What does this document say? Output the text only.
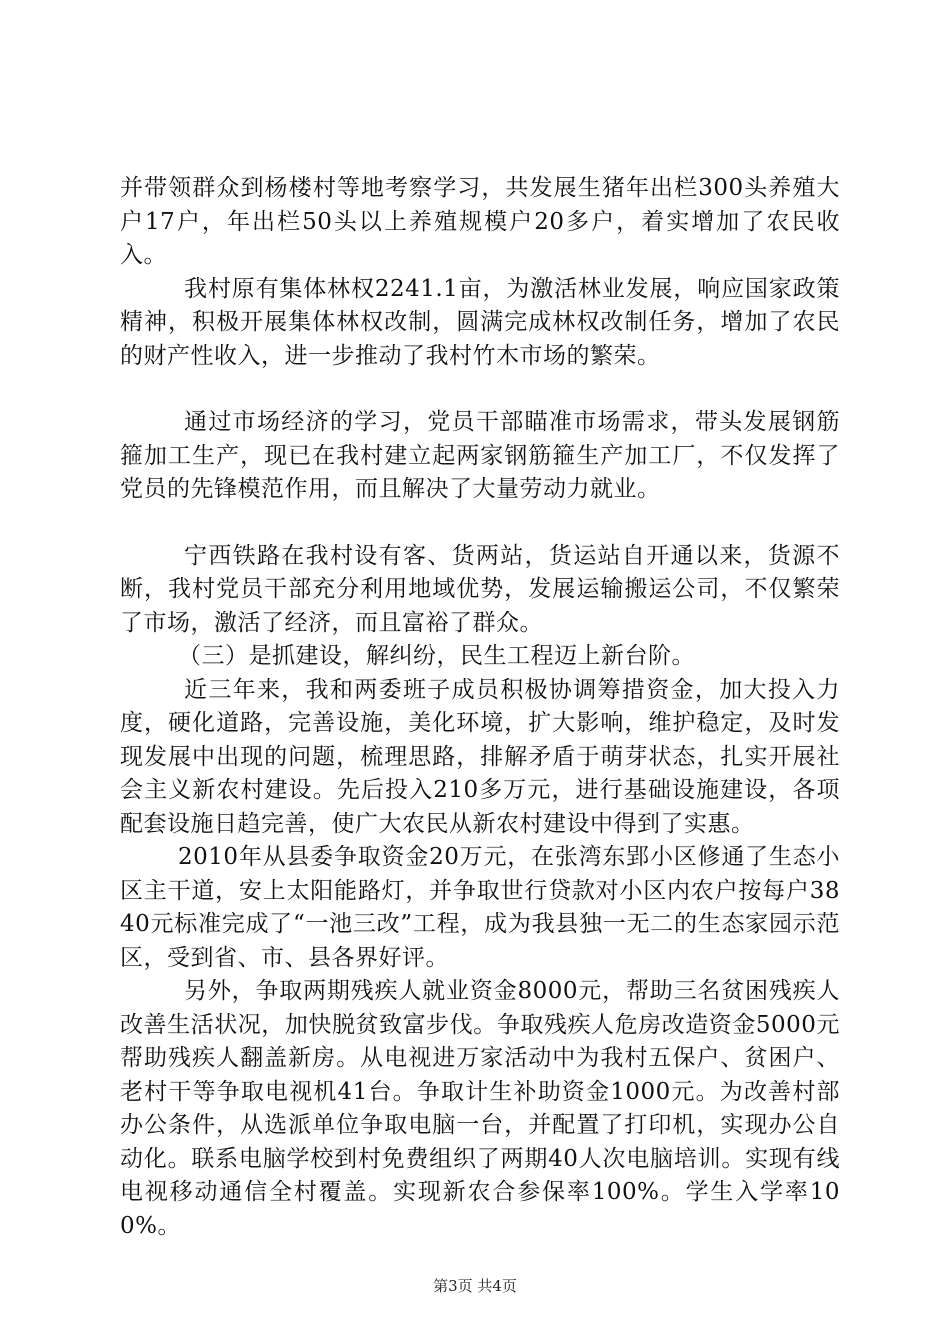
并带领群众到杨楼村等地考察学习，共发展生猪年出栏300头养殖大户17户，年出栏50头以上养殖规模户20多户，着实增加了农民收入。

我村原有集体林权2241.1亩，为激活林业发展，响应国家政策精神，积极开展集体林权改制，圆满完成林权改制任务，增加了农民的财产性收入，进一步推动了我村竹木市场的繁荣。

通过市场经济的学习，党员干部瞄准市场需求，带头发展钢筋箍加工生产，现已在我村建立起两家钢筋箍生产加工厂，不仅发挥了党员的先锋模范作用，而且解决了大量劳动力就业。

宁西铁路在我村设有客、货两站，货运站自开通以来，货源不断，我村党员干部充分利用地域优势，发展运输搬运公司，不仅繁荣了市场，激活了经济，而且富裕了群众。

（三）是抓建设，解纠纷，民生工程迈上新台阶。

近三年来，我和两委班子成员积极协调筹措资金，加大投入力度，硬化道路，完善设施，美化环境，扩大影响，维护稳定，及时发现发展中出现的问题，梳理思路，排解矛盾于萌芽状态，扎实开展社会主义新农村建设。先后投入210多万元，进行基础设施建设，各项配套设施日趋完善，使广大农民从新农村建设中得到了实惠。

2010年从县委争取资金20万元，在张湾东郢小区修通了生态小区主干道，安上太阳能路灯，并争取世行贷款对小区内农户按每户3840元标准完成了“一池三改”工程，成为我县独一无二的生态家园示范区，受到省、市、县各界好评。

另外，争取两期残疾人就业资金8000元，帮助三名贫困残疾人改善生活状况，加快脱贫致富步伐。争取残疾人危房改造资金5000元帮助残疾人翻盖新房。从电视进万家活动中为我村五保户、贫困户、老村干等争取电视机41台。争取计生补助资金1000元。为改善村部办公条件，从选派单位争取电脑一台，并配置了打印机，实现办公自动化。联系电脑学校到村免费组织了两期40人次电脑培训。实现有线电视移动通信全村覆盖。实现新农合参保率100%。学生入学率100%。

第3页 共4页
